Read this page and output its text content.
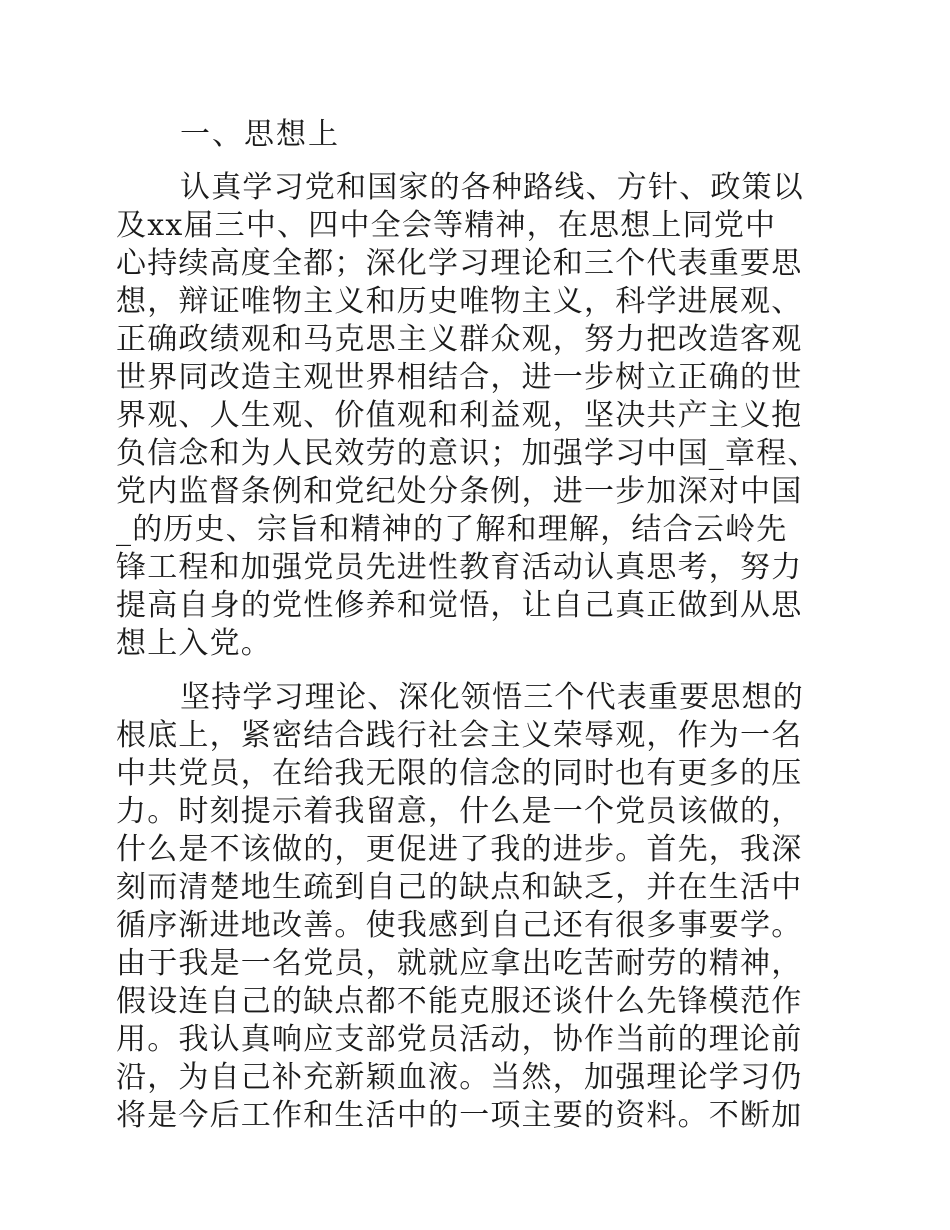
一、思想上

认真学习党和国家的各种路线、方针、政策以
及xx届三中、四中全会等精神，在思想上同党中
心持续高度全都；深化学习理论和三个代表重要思
想，辩证唯物主义和历史唯物主义，科学进展观、
正确政绩观和马克思主义群众观，努力把改造客观
世界同改造主观世界相结合，进一步树立正确的世
界观、人生观、价值观和利益观，坚决共产主义抱
负信念和为人民效劳的意识；加强学习中国_章程、
党内监督条例和党纪处分条例，进一步加深对中国
_的历史、宗旨和精神的了解和理解，结合云岭先
锋工程和加强党员先进性教育活动认真思考，努力
提高自身的党性修养和觉悟，让自己真正做到从思
想上入党。

坚持学习理论、深化领悟三个代表重要思想的
根底上，紧密结合践行社会主义荣辱观，作为一名
中共党员，在给我无限的信念的同时也有更多的压
力。时刻提示着我留意，什么是一个党员该做的，
什么是不该做的，更促进了我的进步。首先，我深
刻而清楚地生疏到自己的缺点和缺乏，并在生活中
循序渐进地改善。使我感到自己还有很多事要学。
由于我是一名党员，就就应拿出吃苦耐劳的精神，
假设连自己的缺点都不能克服还谈什么先锋模范作
用。我认真响应支部党员活动，协作当前的理论前
沿，为自己补充新颖血液。当然，加强理论学习仍
将是今后工作和生活中的一项主要的资料。不断加
